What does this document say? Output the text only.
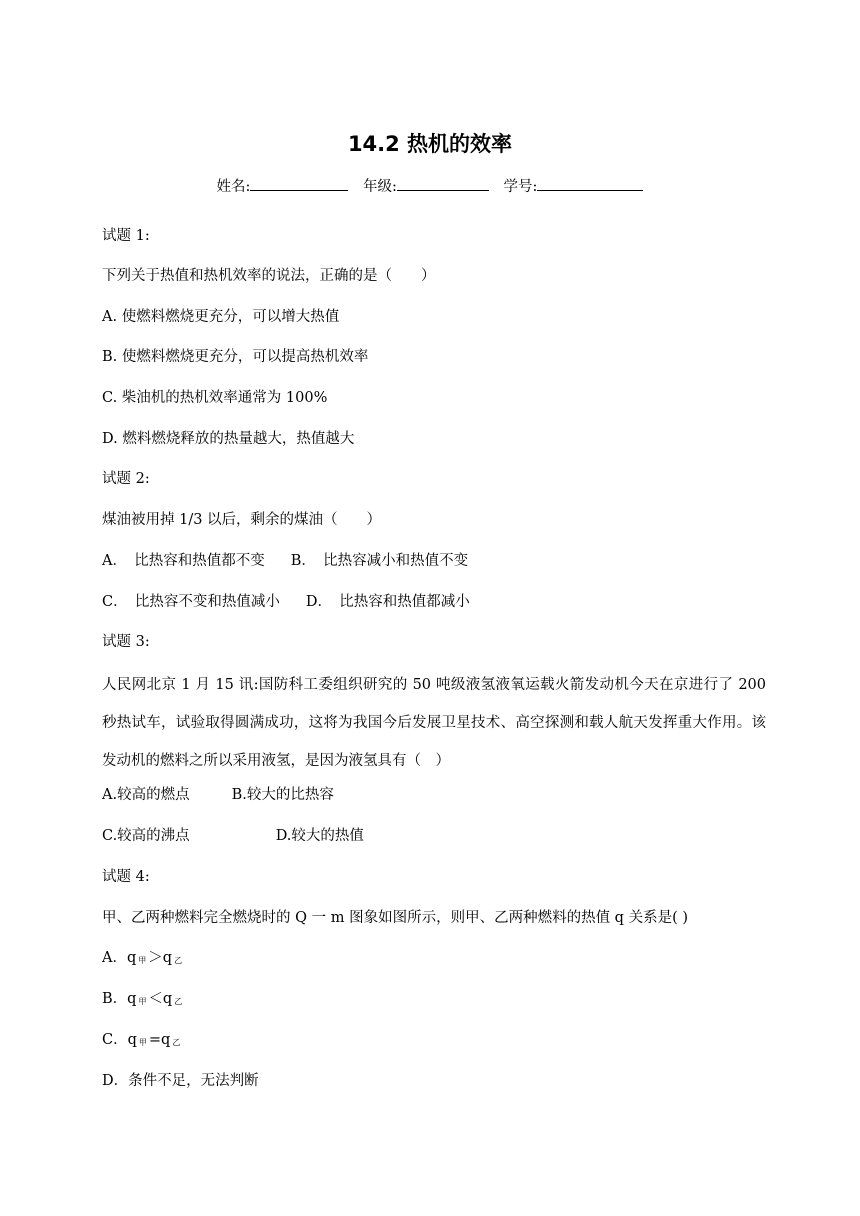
14.2 热机的效率
姓名:	年级:	学号:
试题 1:
下列关于热值和热机效率的说法，正确的是（　　）
A. 使燃料燃烧更充分，可以增大热值
B. 使燃料燃烧更充分，可以提高热机效率
C. 柴油机的热机效率通常为 100%
D. 燃料燃烧释放的热量越大，热值越大
试题 2:
煤油被用掉 1/3 以后，剩余的煤油（　　）
A．　比热容和热值都不变 B．　比热容减小和热值不变
C．　比热容不变和热值减小 D．　比热容和热值都减小
试题 3:
人民网北京 1 月 15 讯:国防科工委组织研究的 50 吨级液氢液氧运载火箭发动机今天在京进行了 200 秒热试车，试验取得圆满成功，这将为我国今后发展卫星技术、高空探测和载人航天发挥重大作用。该发动机的燃料之所以采用液氢，是因为液氢具有（　）
A.较高的燃点	B.较大的比热容
C.较高的沸点	D.较大的热值
试题 4:
甲、乙两种燃料完全燃烧时的 Q 一 m 图象如图所示，则甲、乙两种燃料的热值 q 关系是( )
A．q $_甲$ ＞q $_乙$
B．q $_甲$ ＜q $_乙$
C．q $_甲$ =q $_乙$
D．条件不足，无法判断
